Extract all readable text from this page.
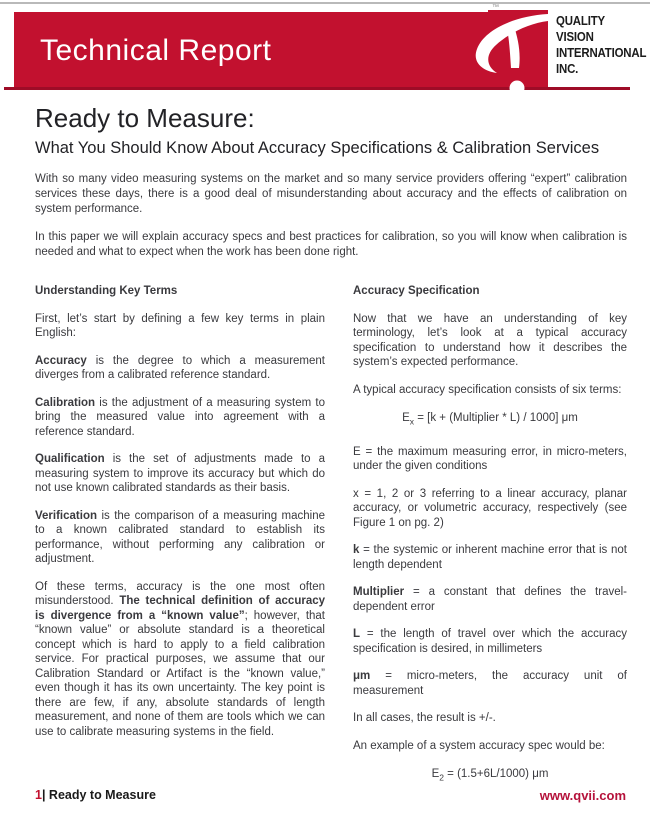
Technical Report
™
QUALITY
VISION
INTERNATIONAL
INC.
Ready to Measure:
What You Should Know About Accuracy Specifications & Calibration Services

With so many video measuring systems on the market and so many service providers offering “expert” calibration services these days, there is a good deal of misunderstanding about accuracy and the effects of calibration on system performance.

In this paper we will explain accuracy specs and best practices for calibration, so you will know when calibration is needed and what to expect when the work has been done right.

Understanding Key Terms

First, let’s start by defining a few key terms in plain English:

Accuracy is the degree to which a measurement diverges from a calibrated reference standard.

Calibration is the adjustment of a measuring system to bring the measured value into agreement with a reference standard.

Qualification is the set of adjustments made to a measuring system to improve its accuracy but which do not use known calibrated standards as their basis.

Verification is the comparison of a measuring machine to a known calibrated standard to establish its performance, without performing any calibration or adjustment.

Of these terms, accuracy is the one most often misunderstood. The technical definition of accuracy is divergence from a “known value”; however, that “known value” or absolute standard is a theoretical concept which is hard to apply to a field calibration service. For practical purposes, we assume that our Calibration Standard or Artifact is the “known value,” even though it has its own uncertainty. The key point is there are few, if any, absolute standards of length measurement, and none of them are tools which we can use to calibrate measuring systems in the field.

Accuracy Specification

Now that we have an understanding of key terminology, let’s look at a typical accuracy specification to understand how it describes the system’s expected performance.

A typical accuracy specification consists of six terms:

$E_x = [k$ + (Multiplier * L) / 1000] μm

E = the maximum measuring error, in micro-meters, under the given conditions

x = 1, 2 or 3 referring to a linear accuracy, planar accuracy, or volumetric accuracy, respectively (see Figure 1 on pg. 2)

k = the systemic or inherent machine error that is not length dependent

Multiplier = a constant that defines the travel-dependent error

L = the length of travel over which the accuracy specification is desired, in millimeters

μm = micro-meters, the accuracy unit of measurement

In all cases, the result is +/-.

An example of a system accuracy spec would be:

$E_2 = (1.5+6L/1000)$ μm

1| Ready to Measure	www.qvii.com
